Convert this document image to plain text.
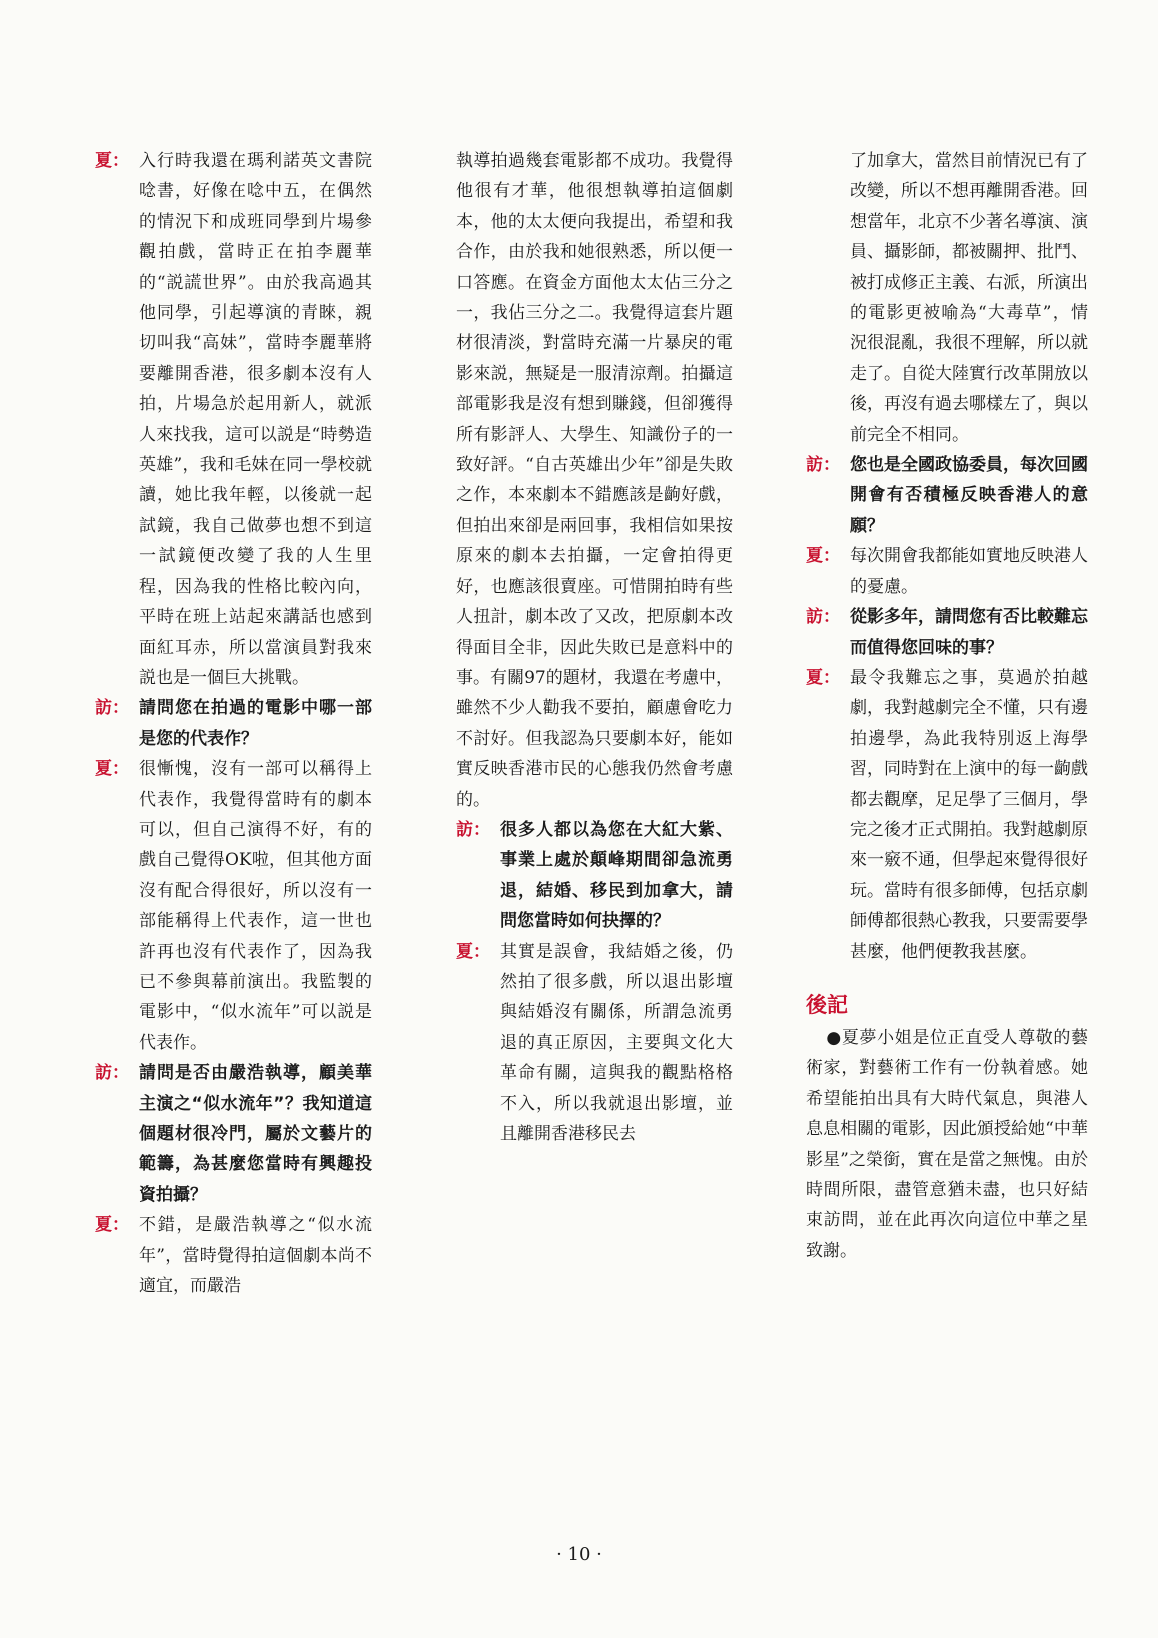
夏： 入行時我還在瑪利諾英文書院唸書，好像在唸中五，在偶然的情況下和成班同學到片場參觀拍戲，當時正在拍李麗華的“説謊世界”。由於我高過其他同學，引起導演的青睞，親切叫我“高妹”，當時李麗華將要離開香港，很多劇本沒有人拍，片場急於起用新人，就派人來找我，這可以説是“時勢造英雄”，我和毛妹在同一學校就讀，她比我年輕，以後就一起試鏡，我自己做夢也想不到這一試鏡便改變了我的人生里程，因為我的性格比較內向，平時在班上站起來講話也感到面紅耳赤，所以當演員對我來説也是一個巨大挑戰。
訪： 請問您在拍過的電影中哪一部是您的代表作？
夏： 很慚愧，沒有一部可以稱得上代表作，我覺得當時有的劇本可以，但自己演得不好，有的戲自己覺得OK啦，但其他方面沒有配合得很好，所以沒有一部能稱得上代表作，這一世也許再也沒有代表作了，因為我已不參與幕前演出。我監製的電影中，“似水流年”可以説是代表作。
訪： 請問是否由嚴浩執導，顧美華主演之“似水流年”？我知道這個題材很冷門，屬於文藝片的範籌，為甚麼您當時有興趣投資拍攝？
夏： 不錯，是嚴浩執導之“似水流年”，當時覺得拍這個劇本尚不適宜，而嚴浩
執導拍過幾套電影都不成功。我覺得他很有才華，他很想執導拍這個劇本，他的太太便向我提出，希望和我合作，由於我和她很熟悉，所以便一口答應。在資金方面他太太佔三分之一，我佔三分之二。我覺得這套片題材很清淡，對當時充滿一片暴戾的電影來説，無疑是一服清涼劑。拍攝這部電影我是沒有想到賺錢，但卻獲得所有影評人、大學生、知識份子的一致好評。“自古英雄出少年”卻是失敗之作，本來劇本不錯應該是齣好戲，但拍出來卻是兩回事，我相信如果按原來的劇本去拍攝，一定會拍得更好，也應該很賣座。可惜開拍時有些人扭計，劇本改了又改，把原劇本改得面目全非，因此失敗已是意料中的事。有關97的題材，我還在考慮中，雖然不少人勸我不要拍，顧慮會吃力不討好。但我認為只要劇本好，能如實反映香港市民的心態我仍然會考慮的。
訪： 很多人都以為您在大紅大紫、事業上處於顛峰期間卻急流勇退，結婚、移民到加拿大，請問您當時如何抉擇的？
夏： 其實是誤會，我結婚之後，仍然拍了很多戲，所以退出影壇與結婚沒有關係，所謂急流勇退的真正原因，主要與文化大革命有關，這與我的觀點格格不入，所以我就退出影壇，並且離開香港移民去
了加拿大，當然目前情況已有了改變，所以不想再離開香港。回想當年，北京不少著名導演、演員、攝影師，都被關押、批鬥、被打成修正主義、右派，所演出的電影更被喻為“大毒草”，情況很混亂，我很不理解，所以就走了。自從大陸實行改革開放以後，再沒有過去哪樣左了，與以前完全不相同。
訪： 您也是全國政協委員，每次回國開會有否積極反映香港人的意願？
夏： 每次開會我都能如實地反映港人的憂慮。
訪： 從影多年，請問您有否比較難忘而值得您回味的事？
夏： 最令我難忘之事，莫過於拍越劇，我對越劇完全不懂，只有邊拍邊學，為此我特別返上海學習，同時對在上演中的每一齣戲都去觀摩，足足學了三個月，學完之後才正式開拍。我對越劇原來一竅不通，但學起來覺得很好玩。當時有很多師傅，包括京劇師傅都很熱心教我，只要需要學甚麼，他們便教我甚麼。
後記
●夏夢小姐是位正直受人尊敬的藝術家，對藝術工作有一份執着感。她希望能拍出具有大時代氣息，與港人息息相關的電影，因此頒授給她“中華影星”之榮銜，實在是當之無愧。由於時間所限，盡管意猶未盡，也只好結束訪問，並在此再次向這位中華之星致謝。
· 10 ·
